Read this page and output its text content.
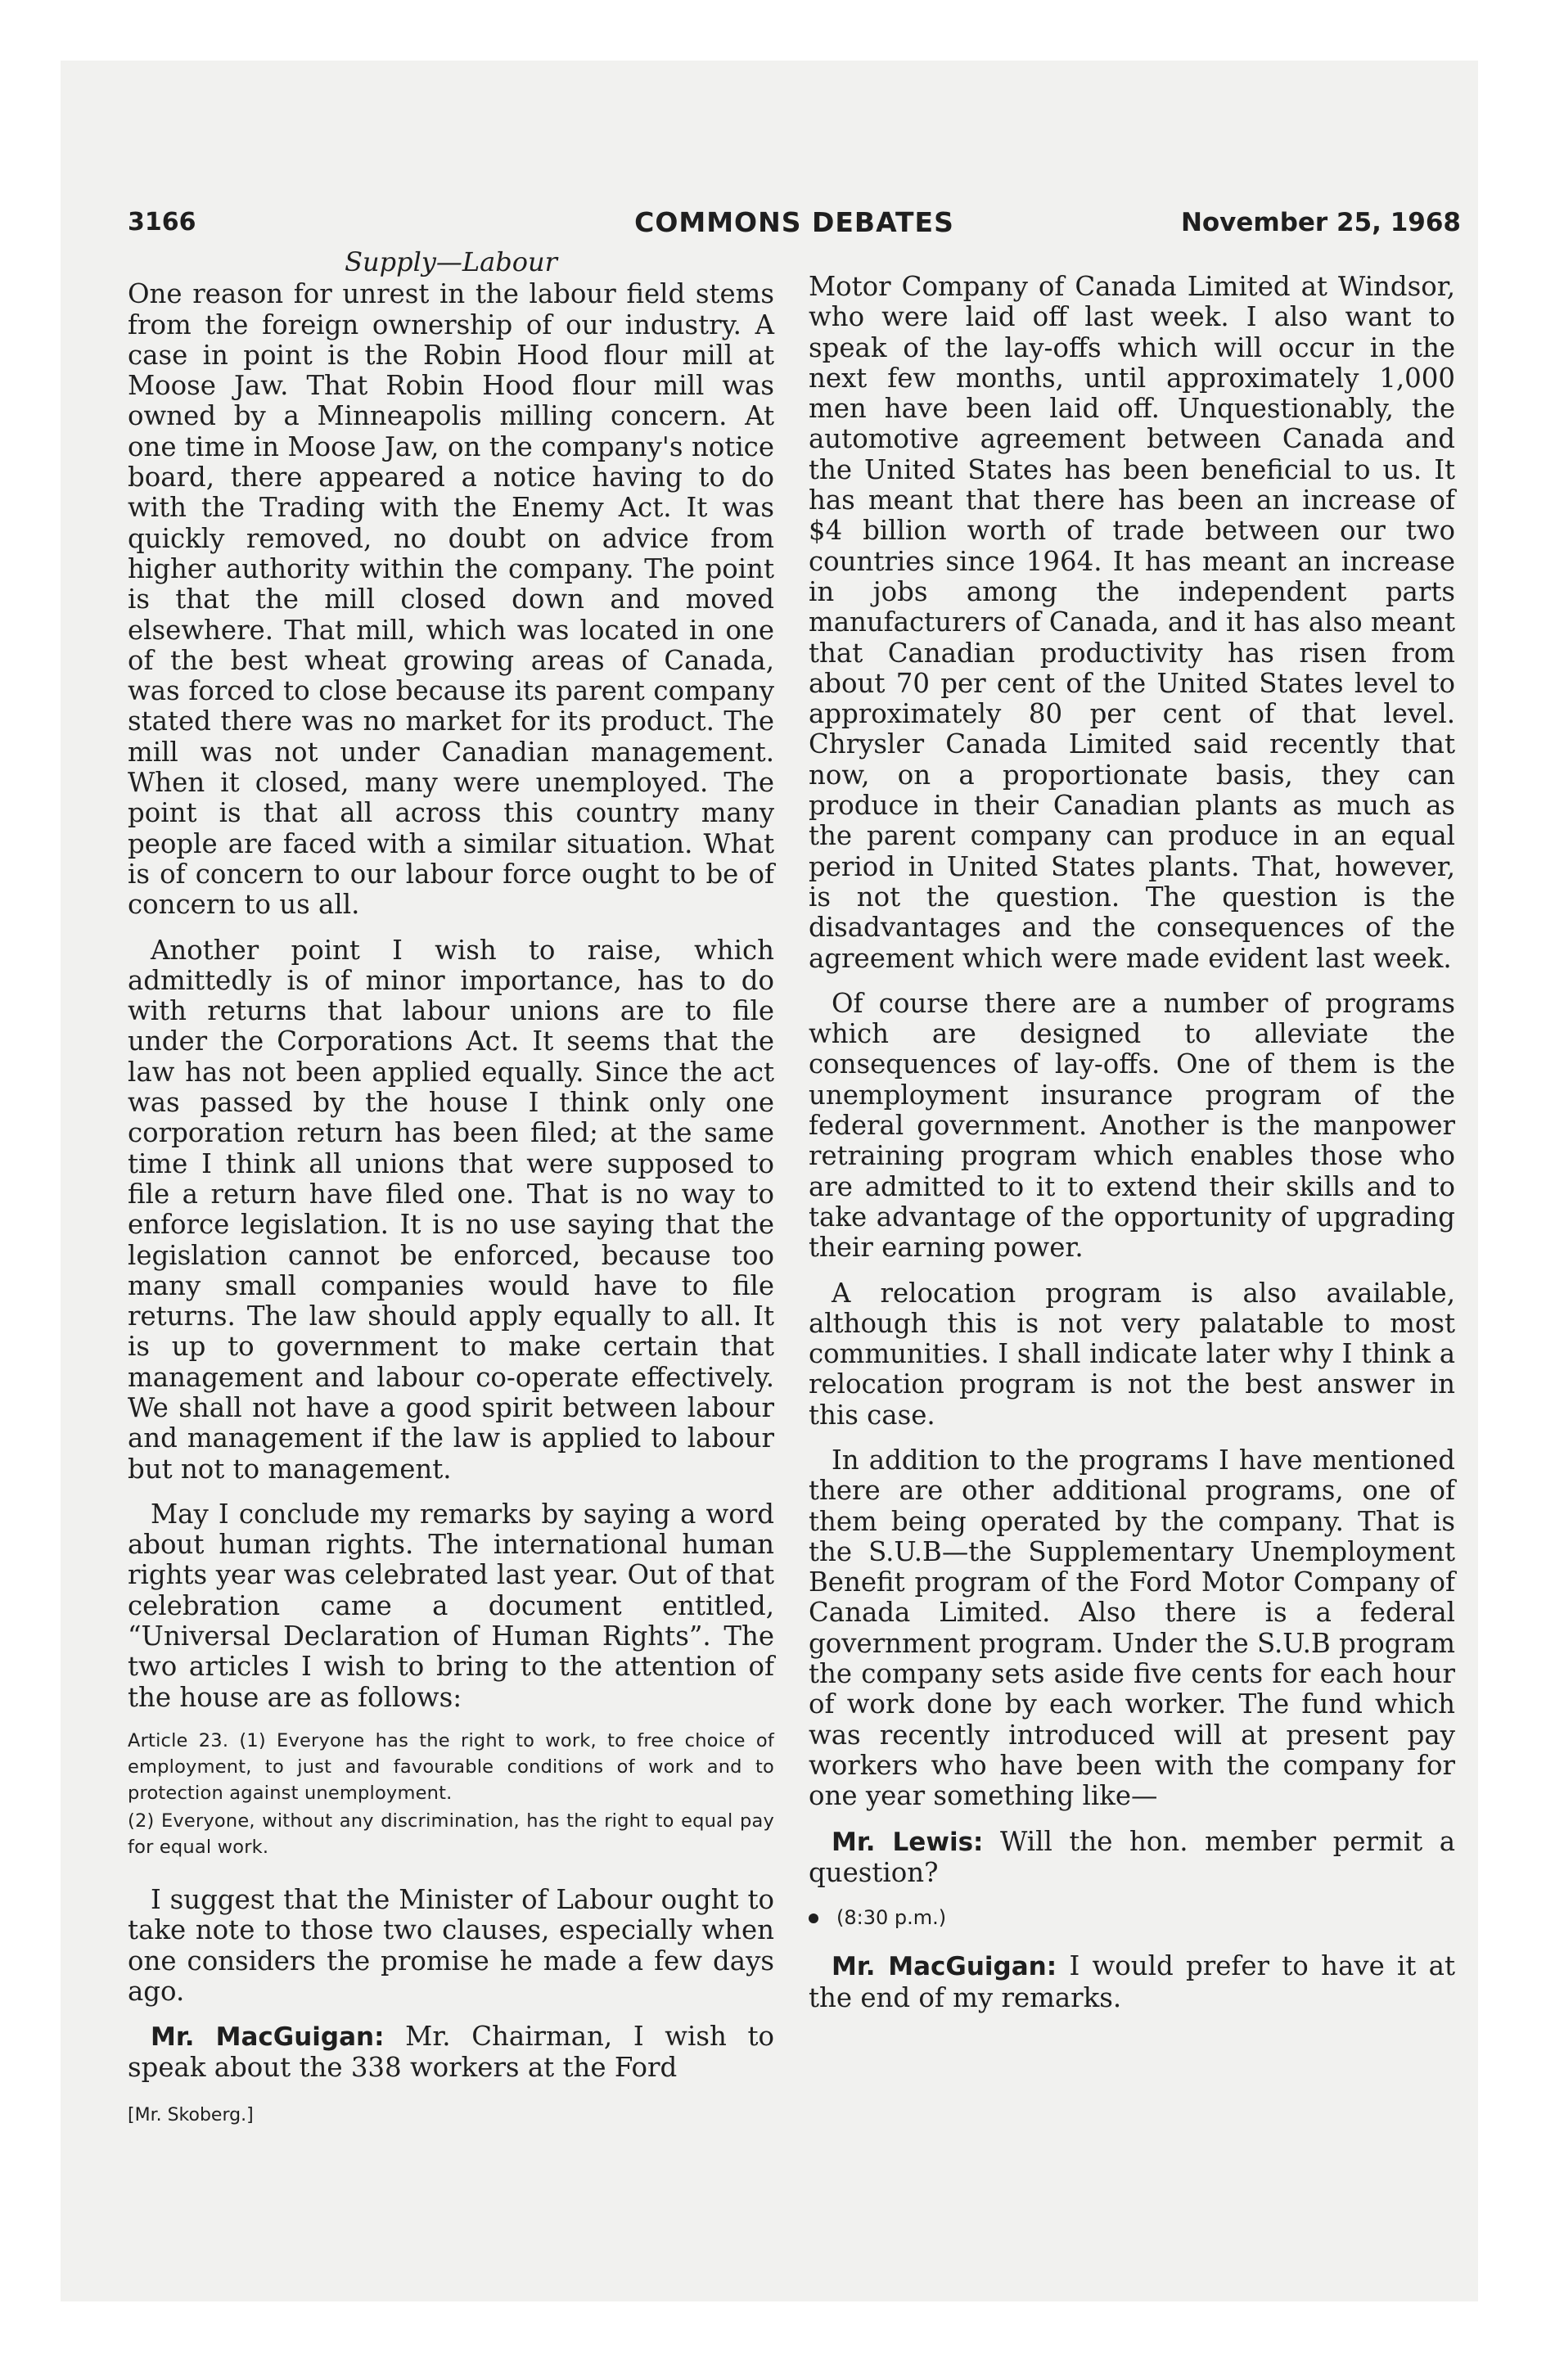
3166	COMMONS DEBATES	November 25, 1968
Supply—Labour

One reason for unrest in the labour field stems from the foreign ownership of our industry. A case in point is the Robin Hood flour mill at Moose Jaw. That Robin Hood flour mill was owned by a Minneapolis milling concern. At one time in Moose Jaw, on the company's notice board, there appeared a notice having to do with the Trading with the Enemy Act. It was quickly removed, no doubt on advice from higher authority within the company. The point is that the mill closed down and moved elsewhere. That mill, which was located in one of the best wheat growing areas of Canada, was forced to close because its parent company stated there was no market for its product. The mill was not under Canadian management. When it closed, many were unemployed. The point is that all across this country many people are faced with a similar situation. What is of concern to our labour force ought to be of concern to us all.

Another point I wish to raise, which admittedly is of minor importance, has to do with returns that labour unions are to file under the Corporations Act. It seems that the law has not been applied equally. Since the act was passed by the house I think only one corporation return has been filed; at the same time I think all unions that were supposed to file a return have filed one. That is no way to enforce legislation. It is no use saying that the legislation cannot be enforced, because too many small companies would have to file returns. The law should apply equally to all. It is up to government to make certain that management and labour co-operate effectively. We shall not have a good spirit between labour and management if the law is applied to labour but not to management.

May I conclude my remarks by saying a word about human rights. The international human rights year was celebrated last year. Out of that celebration came a document entitled, “Universal Declaration of Human Rights”. The two articles I wish to bring to the attention of the house are as follows:

Article 23. (1) Everyone has the right to work, to free choice of employment, to just and favourable conditions of work and to protection against unemployment.

(2) Everyone, without any discrimination, has the right to equal pay for equal work.

I suggest that the Minister of Labour ought to take note to those two clauses, especially when one considers the promise he made a few days ago.

Mr. MacGuigan: Mr. Chairman, I wish to speak about the 338 workers at the Ford

[Mr. Skoberg.]

Motor Company of Canada Limited at Windsor, who were laid off last week. I also want to speak of the lay-offs which will occur in the next few months, until approximately 1,000 men have been laid off. Unquestionably, the automotive agreement between Canada and the United States has been beneficial to us. It has meant that there has been an increase of $4 billion worth of trade between our two countries since 1964. It has meant an increase in jobs among the independent parts manufacturers of Canada, and it has also meant that Canadian productivity has risen from about 70 per cent of the United States level to approximately 80 per cent of that level. Chrysler Canada Limited said recently that now, on a proportionate basis, they can produce in their Canadian plants as much as the parent company can produce in an equal period in United States plants. That, however, is not the question. The question is the disadvantages and the consequences of the agreement which were made evident last week.

Of course there are a number of programs which are designed to alleviate the consequences of lay-offs. One of them is the unemployment insurance program of the federal government. Another is the manpower retraining program which enables those who are admitted to it to extend their skills and to take advantage of the opportunity of upgrading their earning power.

A relocation program is also available, although this is not very palatable to most communities. I shall indicate later why I think a relocation program is not the best answer in this case.

In addition to the programs I have mentioned there are other additional programs, one of them being operated by the company. That is the S.U.B—the Supplementary Unemployment Benefit program of the Ford Motor Company of Canada Limited. Also there is a federal government program. Under the S.U.B program the company sets aside five cents for each hour of work done by each worker. The fund which was recently introduced will at present pay workers who have been with the company for one year something like—

Mr. Lewis: Will the hon. member permit a question?

(8:30 p.m.)

Mr. MacGuigan: I would prefer to have it at the end of my remarks.
